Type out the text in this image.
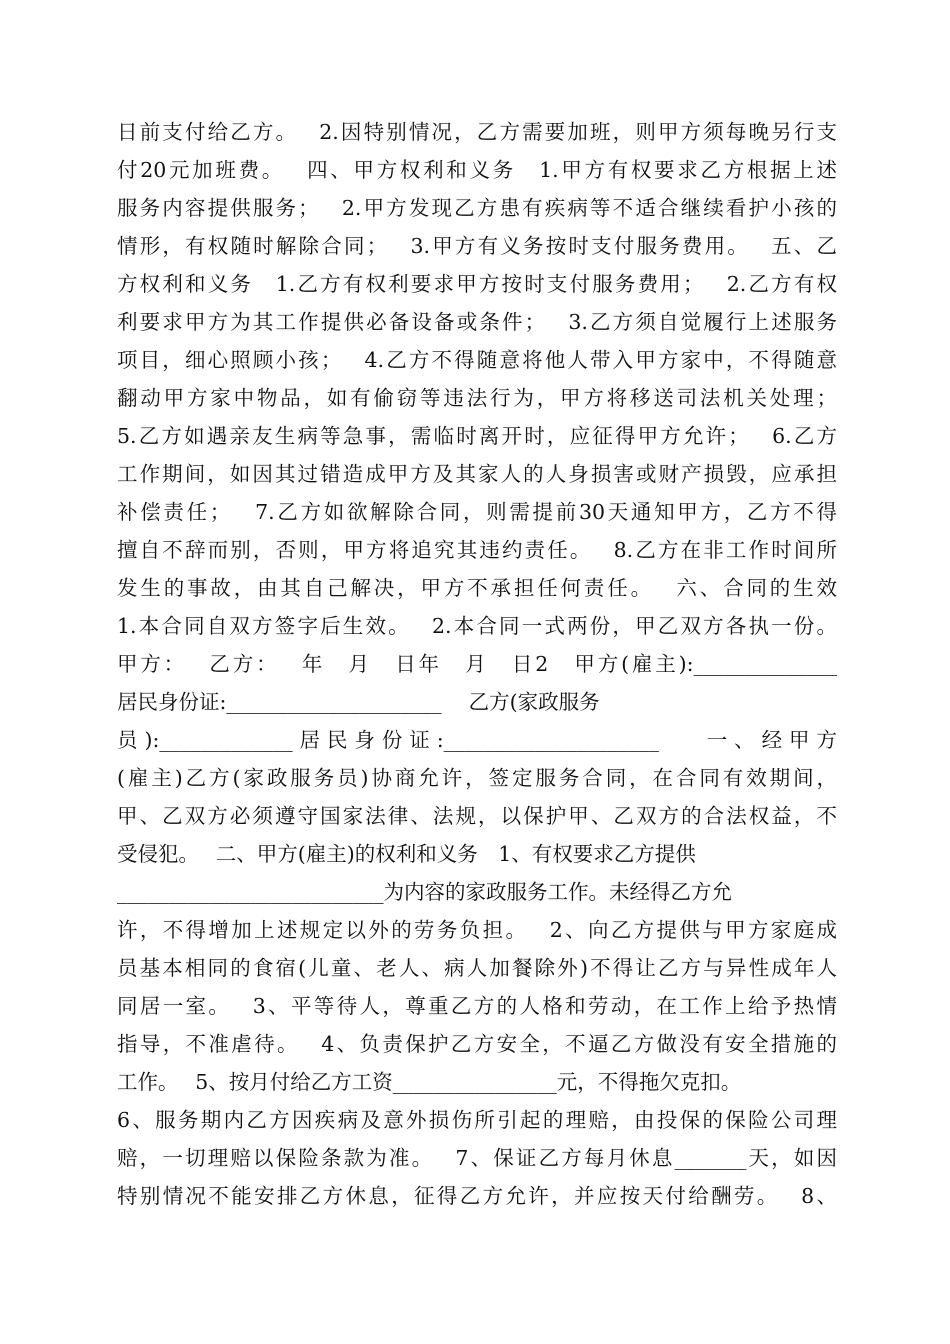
日前支付给乙方。　 2.因特别情况，乙方需要加班，则甲方须每晚另行支
付20元加班费。　 四、甲方权利和义务　1.甲方有权要求乙方根据上述
服务内容提供服务；　 2.甲方发现乙方患有疾病等不适合继续看护小孩的
情形，有权随时解除合同；　 3.甲方有义务按时支付服务费用。　 五、乙
方权利和义务　1.乙方有权利要求甲方按时支付服务费用；　 2.乙方有权
利要求甲方为其工作提供必备设备或条件；　 3.乙方须自觉履行上述服务
项目，细心照顾小孩；　 4.乙方不得随意将他人带入甲方家中，不得随意
翻动甲方家中物品，如有偷窃等违法行为，甲方将移送司法机关处理；
5.乙方如遇亲友生病等急事，需临时离开时，应征得甲方允许；　 6.乙方
工作期间，如因其过错造成甲方及其家人的人身损害或财产损毁，应承担
补偿责任；　 7.乙方如欲解除合同，则需提前30天通知甲方，乙方不得
擅自不辞而别，否则，甲方将追究其违约责任。　 8.乙方在非工作时间所
发生的事故，由其自己解决，甲方不承担任何责任。　 六、合同的生效
1.本合同自双方签字后生效。　 2.本合同一式两份，甲乙双方各执一份。
甲方：　 乙方：　 年　月　日年　月　日2　甲方(雇主):______________
居民身份证:_____________________　 乙方(家政服务
员):_____________居民身份证:_____________________　 一、经甲方
(雇主)乙方(家政服务员)协商允许，签定服务合同，在合同有效期间，
甲、乙双方必须遵守国家法律、法规，以保护甲、乙双方的合法权益，不
受侵犯。　 二、甲方(雇主)的权利和义务　1、有权要求乙方提供
__________________________为内容的家政服务工作。未经得乙方允
许，不得增加上述规定以外的劳务负担。　 2、向乙方提供与甲方家庭成
员基本相同的食宿(儿童、老人、病人加餐除外)不得让乙方与异性成年人
同居一室。　 3、平等待人，尊重乙方的人格和劳动，在工作上给予热情
指导，不准虐待。　 4、负责保护乙方安全，不逼乙方做没有安全措施的
工作。　 5、按月付给乙方工资________________元，不得拖欠克扣。
6、服务期内乙方因疾病及意外损伤所引起的理赔，由投保的保险公司理
赔，一切理赔以保险条款为准。　 7、保证乙方每月休息_______天，如因
特别情况不能安排乙方休息，征得乙方允许，并应按天付给酬劳。　 8、
